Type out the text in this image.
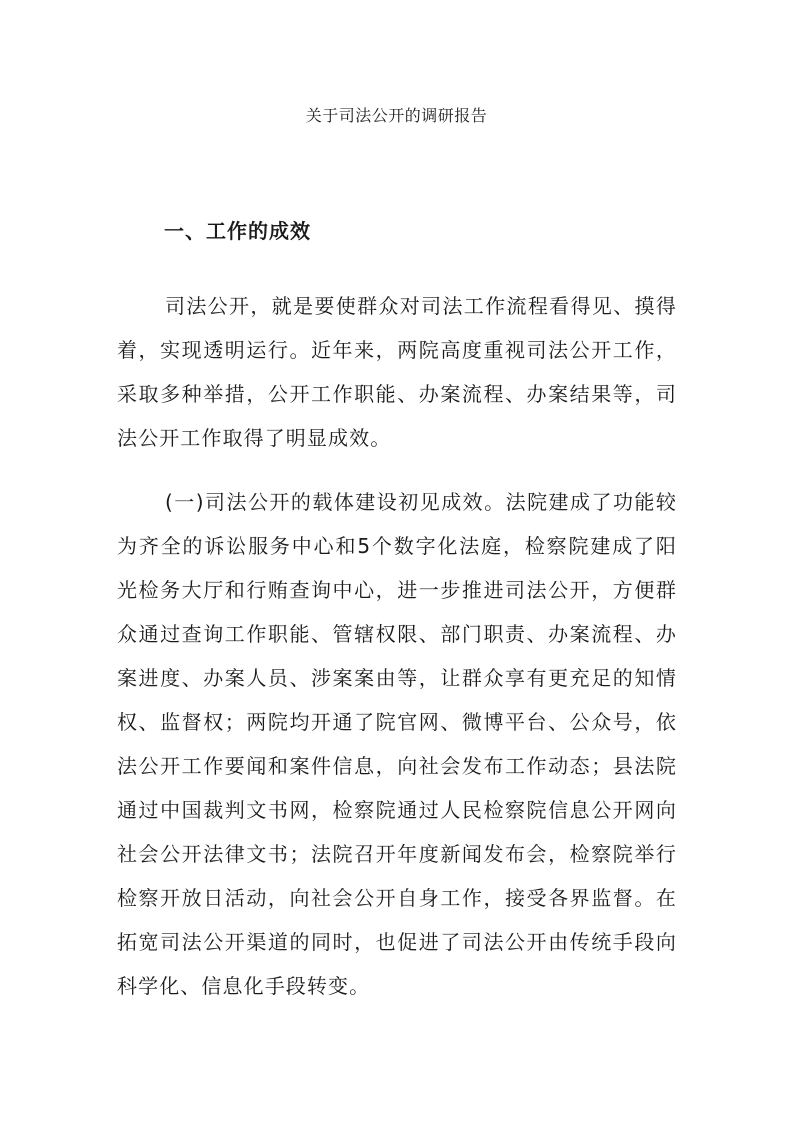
关于司法公开的调研报告
一、工作的成效

司法公开，就是要使群众对司法工作流程看得见、摸得着，实现透明运行。近年来，两院高度重视司法公开工作，采取多种举措，公开工作职能、办案流程、办案结果等，司法公开工作取得了明显成效。

(一)司法公开的载体建设初见成效。法院建成了功能较为齐全的诉讼服务中心和5个数字化法庭，检察院建成了阳光检务大厅和行贿查询中心，进一步推进司法公开，方便群众通过查询工作职能、管辖权限、部门职责、办案流程、办案进度、办案人员、涉案案由等，让群众享有更充足的知情权、监督权；两院均开通了院官网、微博平台、公众号，依法公开工作要闻和案件信息，向社会发布工作动态；县法院通过中国裁判文书网，检察院通过人民检察院信息公开网向社会公开法律文书；法院召开年度新闻发布会，检察院举行检察开放日活动，向社会公开自身工作，接受各界监督。在拓宽司法公开渠道的同时，也促进了司法公开由传统手段向科学化、信息化手段转变。
